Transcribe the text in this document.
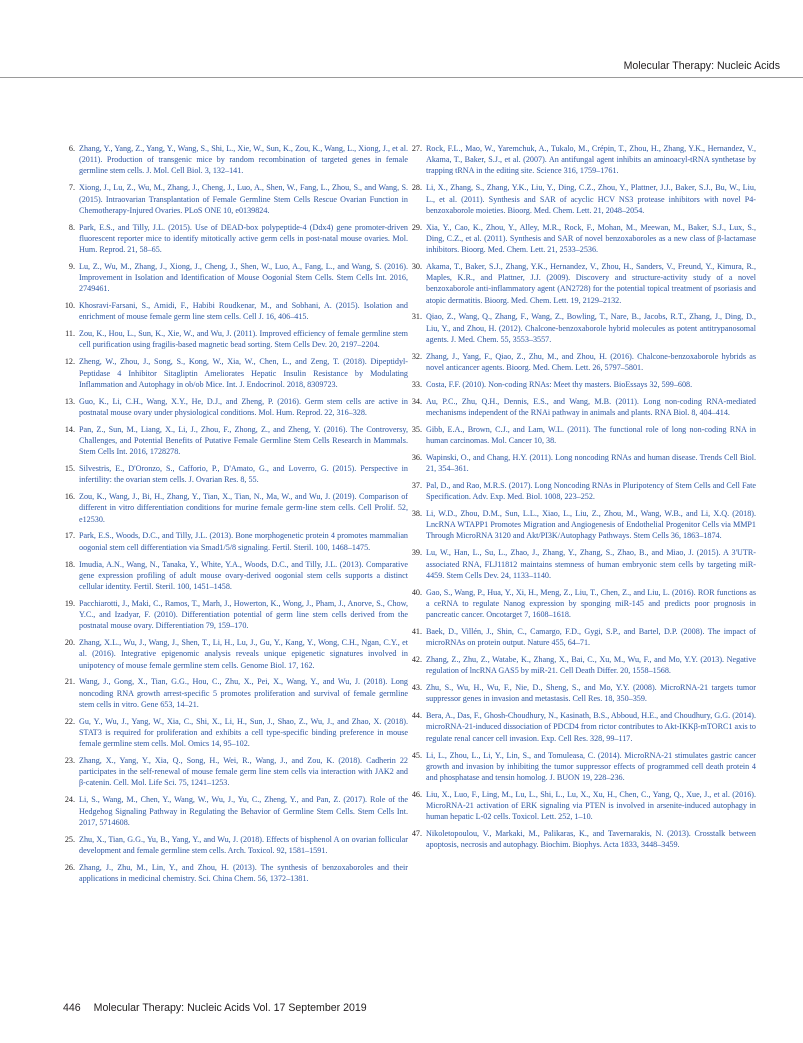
Molecular Therapy: Nucleic Acids
6. Zhang, Y., Yang, Z., Yang, Y., Wang, S., Shi, L., Xie, W., Sun, K., Zou, K., Wang, L., Xiong, J., et al. (2011). Production of transgenic mice by random recombination of targeted genes in female germline stem cells. J. Mol. Cell Biol. 3, 132–141.
7. Xiong, J., Lu, Z., Wu, M., Zhang, J., Cheng, J., Luo, A., Shen, W., Fang, L., Zhou, S., and Wang, S. (2015). Intraovarian Transplantation of Female Germline Stem Cells Rescue Ovarian Function in Chemotherapy-Injured Ovaries. PLoS ONE 10, e0139824.
8. Park, E.S., and Tilly, J.L. (2015). Use of DEAD-box polypeptide-4 (Ddx4) gene promoter-driven fluorescent reporter mice to identify mitotically active germ cells in post-natal mouse ovaries. Mol. Hum. Reprod. 21, 58–65.
9. Lu, Z., Wu, M., Zhang, J., Xiong, J., Cheng, J., Shen, W., Luo, A., Fang, L., and Wang, S. (2016). Improvement in Isolation and Identification of Mouse Oogonial Stem Cells. Stem Cells Int. 2016, 2749461.
10. Khosravi-Farsani, S., Amidi, F., Habibi Roudkenar, M., and Sobhani, A. (2015). Isolation and enrichment of mouse female germ line stem cells. Cell J. 16, 406–415.
11. Zou, K., Hou, L., Sun, K., Xie, W., and Wu, J. (2011). Improved efficiency of female germline stem cell purification using fragilis-based magnetic bead sorting. Stem Cells Dev. 20, 2197–2204.
12. Zheng, W., Zhou, J., Song, S., Kong, W., Xia, W., Chen, L., and Zeng, T. (2018). Dipeptidyl-Peptidase 4 Inhibitor Sitagliptin Ameliorates Hepatic Insulin Resistance by Modulating Inflammation and Autophagy in ob/ob Mice. Int. J. Endocrinol. 2018, 8309723.
13. Guo, K., Li, C.H., Wang, X.Y., He, D.J., and Zheng, P. (2016). Germ stem cells are active in postnatal mouse ovary under physiological conditions. Mol. Hum. Reprod. 22, 316–328.
14. Pan, Z., Sun, M., Liang, X., Li, J., Zhou, F., Zhong, Z., and Zheng, Y. (2016). The Controversy, Challenges, and Potential Benefits of Putative Female Germline Stem Cells Research in Mammals. Stem Cells Int. 2016, 1728278.
15. Silvestris, E., D'Oronzo, S., Cafforio, P., D'Amato, G., and Loverro, G. (2015). Perspective in infertility: the ovarian stem cells. J. Ovarian Res. 8, 55.
16. Zou, K., Wang, J., Bi, H., Zhang, Y., Tian, X., Tian, N., Ma, W., and Wu, J. (2019). Comparison of different in vitro differentiation conditions for murine female germ-line stem cells. Cell Prolif. 52, e12530.
17. Park, E.S., Woods, D.C., and Tilly, J.L. (2013). Bone morphogenetic protein 4 promotes mammalian oogonial stem cell differentiation via Smad1/5/8 signaling. Fertil. Steril. 100, 1468–1475.
18. Imudia, A.N., Wang, N., Tanaka, Y., White, Y.A., Woods, D.C., and Tilly, J.L. (2013). Comparative gene expression profiling of adult mouse ovary-derived oogonial stem cells supports a distinct cellular identity. Fertil. Steril. 100, 1451–1458.
19. Pacchiarotti, J., Maki, C., Ramos, T., Marh, J., Howerton, K., Wong, J., Pham, J., Anorve, S., Chow, Y.C., and Izadyar, F. (2010). Differentiation potential of germ line stem cells derived from the postnatal mouse ovary. Differentiation 79, 159–170.
20. Zhang, X.L., Wu, J., Wang, J., Shen, T., Li, H., Lu, J., Gu, Y., Kang, Y., Wong, C.H., Ngan, C.Y., et al. (2016). Integrative epigenomic analysis reveals unique epigenetic signatures involved in unipotency of mouse female germline stem cells. Genome Biol. 17, 162.
21. Wang, J., Gong, X., Tian, G.G., Hou, C., Zhu, X., Pei, X., Wang, Y., and Wu, J. (2018). Long noncoding RNA growth arrest-specific 5 promotes proliferation and survival of female germline stem cells in vitro. Gene 653, 14–21.
22. Gu, Y., Wu, J., Yang, W., Xia, C., Shi, X., Li, H., Sun, J., Shao, Z., Wu, J., and Zhao, X. (2018). STAT3 is required for proliferation and exhibits a cell type-specific binding preference in mouse female germline stem cells. Mol. Omics 14, 95–102.
23. Zhang, X., Yang, Y., Xia, Q., Song, H., Wei, R., Wang, J., and Zou, K. (2018). Cadherin 22 participates in the self-renewal of mouse female germ line stem cells via interaction with JAK2 and β-catenin. Cell. Mol. Life Sci. 75, 1241–1253.
24. Li, S., Wang, M., Chen, Y., Wang, W., Wu, J., Yu, C., Zheng, Y., and Pan, Z. (2017). Role of the Hedgehog Signaling Pathway in Regulating the Behavior of Germline Stem Cells. Stem Cells Int. 2017, 5714608.
25. Zhu, X., Tian, G.G., Yu, B., Yang, Y., and Wu, J. (2018). Effects of bisphenol A on ovarian follicular development and female germline stem cells. Arch. Toxicol. 92, 1581–1591.
26. Zhang, J., Zhu, M., Lin, Y., and Zhou, H. (2013). The synthesis of benzoxaboroles and their applications in medicinal chemistry. Sci. China Chem. 56, 1372–1381.
27. Rock, F.L., Mao, W., Yaremchuk, A., Tukalo, M., Crépin, T., Zhou, H., Zhang, Y.K., Hernandez, V., Akama, T., Baker, S.J., et al. (2007). An antifungal agent inhibits an aminoacyl-tRNA synthetase by trapping tRNA in the editing site. Science 316, 1759–1761.
28. Li, X., Zhang, S., Zhang, Y.K., Liu, Y., Ding, C.Z., Zhou, Y., Plattner, J.J., Baker, S.J., Bu, W., Liu, L., et al. (2011). Synthesis and SAR of acyclic HCV NS3 protease inhibitors with novel P4-benzoxaborole moieties. Bioorg. Med. Chem. Lett. 21, 2048–2054.
29. Xia, Y., Cao, K., Zhou, Y., Alley, M.R., Rock, F., Mohan, M., Meewan, M., Baker, S.J., Lux, S., Ding, C.Z., et al. (2011). Synthesis and SAR of novel benzoxaboroles as a new class of β-lactamase inhibitors. Bioorg. Med. Chem. Lett. 21, 2533–2536.
30. Akama, T., Baker, S.J., Zhang, Y.K., Hernandez, V., Zhou, H., Sanders, V., Freund, Y., Kimura, R., Maples, K.R., and Plattner, J.J. (2009). Discovery and structure-activity study of a novel benzoxaborole anti-inflammatory agent (AN2728) for the potential topical treatment of psoriasis and atopic dermatitis. Bioorg. Med. Chem. Lett. 19, 2129–2132.
31. Qiao, Z., Wang, Q., Zhang, F., Wang, Z., Bowling, T., Nare, B., Jacobs, R.T., Zhang, J., Ding, D., Liu, Y., and Zhou, H. (2012). Chalcone-benzoxaborole hybrid molecules as potent antitrypanosomal agents. J. Med. Chem. 55, 3553–3557.
32. Zhang, J., Yang, F., Qiao, Z., Zhu, M., and Zhou, H. (2016). Chalcone-benzoxaborole hybrids as novel anticancer agents. Bioorg. Med. Chem. Lett. 26, 5797–5801.
33. Costa, F.F. (2010). Non-coding RNAs: Meet thy masters. BioEssays 32, 599–608.
34. Au, P.C., Zhu, Q.H., Dennis, E.S., and Wang, M.B. (2011). Long non-coding RNA-mediated mechanisms independent of the RNAi pathway in animals and plants. RNA Biol. 8, 404–414.
35. Gibb, E.A., Brown, C.J., and Lam, W.L. (2011). The functional role of long non-coding RNA in human carcinomas. Mol. Cancer 10, 38.
36. Wapinski, O., and Chang, H.Y. (2011). Long noncoding RNAs and human disease. Trends Cell Biol. 21, 354–361.
37. Pal, D., and Rao, M.R.S. (2017). Long Noncoding RNAs in Pluripotency of Stem Cells and Cell Fate Specification. Adv. Exp. Med. Biol. 1008, 223–252.
38. Li, W.D., Zhou, D.M., Sun, L.L., Xiao, L., Liu, Z., Zhou, M., Wang, W.B., and Li, X.Q. (2018). LncRNA WTAPP1 Promotes Migration and Angiogenesis of Endothelial Progenitor Cells via MMP1 Through MicroRNA 3120 and Akt/PI3K/Autophagy Pathways. Stem Cells 36, 1863–1874.
39. Lu, W., Han, L., Su, L., Zhao, J., Zhang, Y., Zhang, S., Zhao, B., and Miao, J. (2015). A 3'UTR-associated RNA, FLJ11812 maintains stemness of human embryonic stem cells by targeting miR-4459. Stem Cells Dev. 24, 1133–1140.
40. Gao, S., Wang, P., Hua, Y., Xi, H., Meng, Z., Liu, T., Chen, Z., and Liu, L. (2016). ROR functions as a ceRNA to regulate Nanog expression by sponging miR-145 and predicts poor prognosis in pancreatic cancer. Oncotarget 7, 1608–1618.
41. Baek, D., Villén, J., Shin, C., Camargo, F.D., Gygi, S.P., and Bartel, D.P. (2008). The impact of microRNAs on protein output. Nature 455, 64–71.
42. Zhang, Z., Zhu, Z., Watabe, K., Zhang, X., Bai, C., Xu, M., Wu, F., and Mo, Y.Y. (2013). Negative regulation of lncRNA GAS5 by miR-21. Cell Death Differ. 20, 1558–1568.
43. Zhu, S., Wu, H., Wu, F., Nie, D., Sheng, S., and Mo, Y.Y. (2008). MicroRNA-21 targets tumor suppressor genes in invasion and metastasis. Cell Res. 18, 350–359.
44. Bera, A., Das, F., Ghosh-Choudhury, N., Kasinath, B.S., Abboud, H.E., and Choudhury, G.G. (2014). microRNA-21-induced dissociation of PDCD4 from rictor contributes to Akt-IKKβ-mTORC1 axis to regulate renal cancer cell invasion. Exp. Cell Res. 328, 99–117.
45. Li, L., Zhou, L., Li, Y., Lin, S., and Tomuleasa, C. (2014). MicroRNA-21 stimulates gastric cancer growth and invasion by inhibiting the tumor suppressor effects of programmed cell death protein 4 and phosphatase and tensin homolog. J. BUON 19, 228–236.
46. Liu, X., Luo, F., Ling, M., Lu, L., Shi, L., Lu, X., Xu, H., Chen, C., Yang, Q., Xue, J., et al. (2016). MicroRNA-21 activation of ERK signaling via PTEN is involved in arsenite-induced autophagy in human hepatic L-02 cells. Toxicol. Lett. 252, 1–10.
47. Nikoletopoulou, V., Markaki, M., Palikaras, K., and Tavernarakis, N. (2013). Crosstalk between apoptosis, necrosis and autophagy. Biochim. Biophys. Acta 1833, 3448–3459.
446 Molecular Therapy: Nucleic Acids Vol. 17 September 2019
